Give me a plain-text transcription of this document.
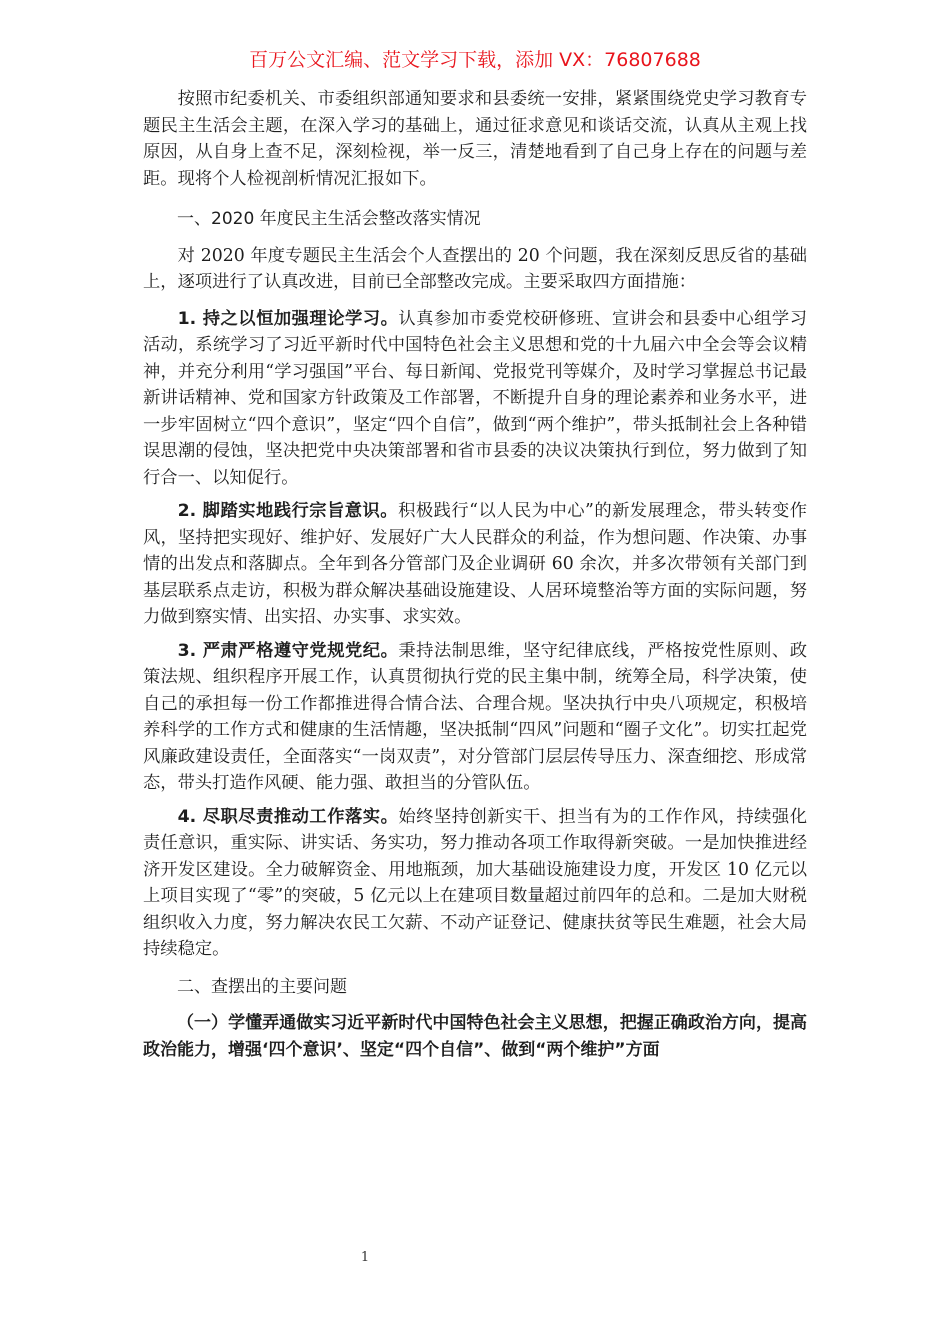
百万公文汇编、范文学习下载，添加 VX：76807688

按照市纪委机关、市委组织部通知要求和县委统一安排，紧紧围绕党史学习教育专题民主生活会主题，在深入学习的基础上，通过征求意见和谈话交流，认真从主观上找原因，从自身上查不足，深刻检视，举一反三，清楚地看到了自己身上存在的问题与差距。现将个人检视剖析情况汇报如下。

一、2020 年度民主生活会整改落实情况

对 2020 年度专题民主生活会个人查摆出的 20 个问题，我在深刻反思反省的基础上，逐项进行了认真改进，目前已全部整改完成。主要采取四方面措施：

1. 持之以恒加强理论学习。认真参加市委党校研修班、宣讲会和县委中心组学习活动，系统学习了习近平新时代中国特色社会主义思想和党的十九届六中全会等会议精神，并充分利用“学习强国”平台、每日新闻、党报党刊等媒介，及时学习掌握总书记最新讲话精神、党和国家方针政策及工作部署，不断提升自身的理论素养和业务水平，进一步牢固树立“四个意识”，坚定“四个自信”，做到“两个维护”，带头抵制社会上各种错误思潮的侵蚀，坚决把党中央决策部署和省市县委的决议决策执行到位，努力做到了知行合一、以知促行。

2. 脚踏实地践行宗旨意识。积极践行“以人民为中心”的新发展理念，带头转变作风，坚持把实现好、维护好、发展好广大人民群众的利益，作为想问题、作决策、办事情的出发点和落脚点。全年到各分管部门及企业调研 60 余次，并多次带领有关部门到基层联系点走访，积极为群众解决基础设施建设、人居环境整治等方面的实际问题，努力做到察实情、出实招、办实事、求实效。

3. 严肃严格遵守党规党纪。秉持法制思维，坚守纪律底线，严格按党性原则、政策法规、组织程序开展工作，认真贯彻执行党的民主集中制，统筹全局，科学决策，使自己的承担每一份工作都推进得合情合法、合理合规。坚决执行中央八项规定，积极培养科学的工作方式和健康的生活情趣，坚决抵制“四风”问题和“圈子文化”。切实扛起党风廉政建设责任，全面落实“一岗双责”，对分管部门层层传导压力、深查细挖、形成常态，带头打造作风硬、能力强、敢担当的分管队伍。

4. 尽职尽责推动工作落实。始终坚持创新实干、担当有为的工作作风，持续强化责任意识，重实际、讲实话、务实功，努力推动各项工作取得新突破。一是加快推进经济开发区建设。全力破解资金、用地瓶颈，加大基础设施建设力度，开发区 10 亿元以上项目实现了“零”的突破，5 亿元以上在建项目数量超过前四年的总和。二是加大财税组织收入力度，努力解决农民工欠薪、不动产证登记、健康扶贫等民生难题，社会大局持续稳定。

二、查摆出的主要问题

（一）学懂弄通做实习近平新时代中国特色社会主义思想，把握正确政治方向，提高政治能力，增强‘四个意识’、坚定“四个自信”、做到“两个维护”方面

1
